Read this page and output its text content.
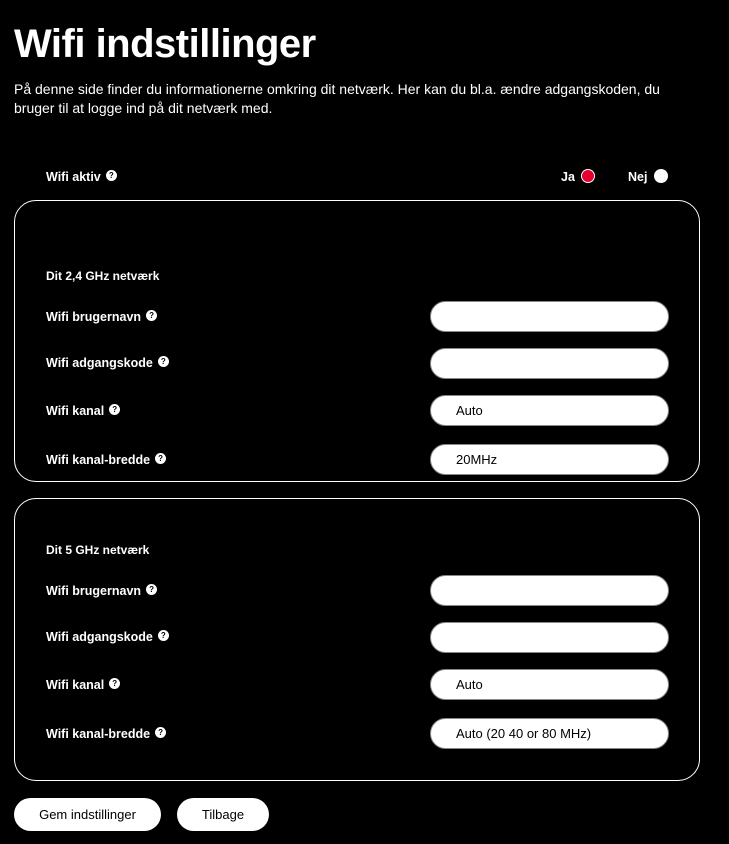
Wifi indstillinger

På denne side finder du informationerne omkring dit netværk. Her kan du bl.a. ændre adgangskoden, du bruger til at logge ind på dit netværk med.

Wifi aktiv	?	Ja	Nej
Dit 2,4 GHz netværk
Wifi brugernavn	?
Wifi adgangskode	?
Wifi kanal	?	Auto
Wifi kanal-bredde	?	20MHz
Dit 5 GHz netværk
Wifi brugernavn	?
Wifi adgangskode	?
Wifi kanal	?	Auto
Wifi kanal-bredde	?	Auto (20 40 or 80 MHz)
Gem indstillinger	Tilbage
